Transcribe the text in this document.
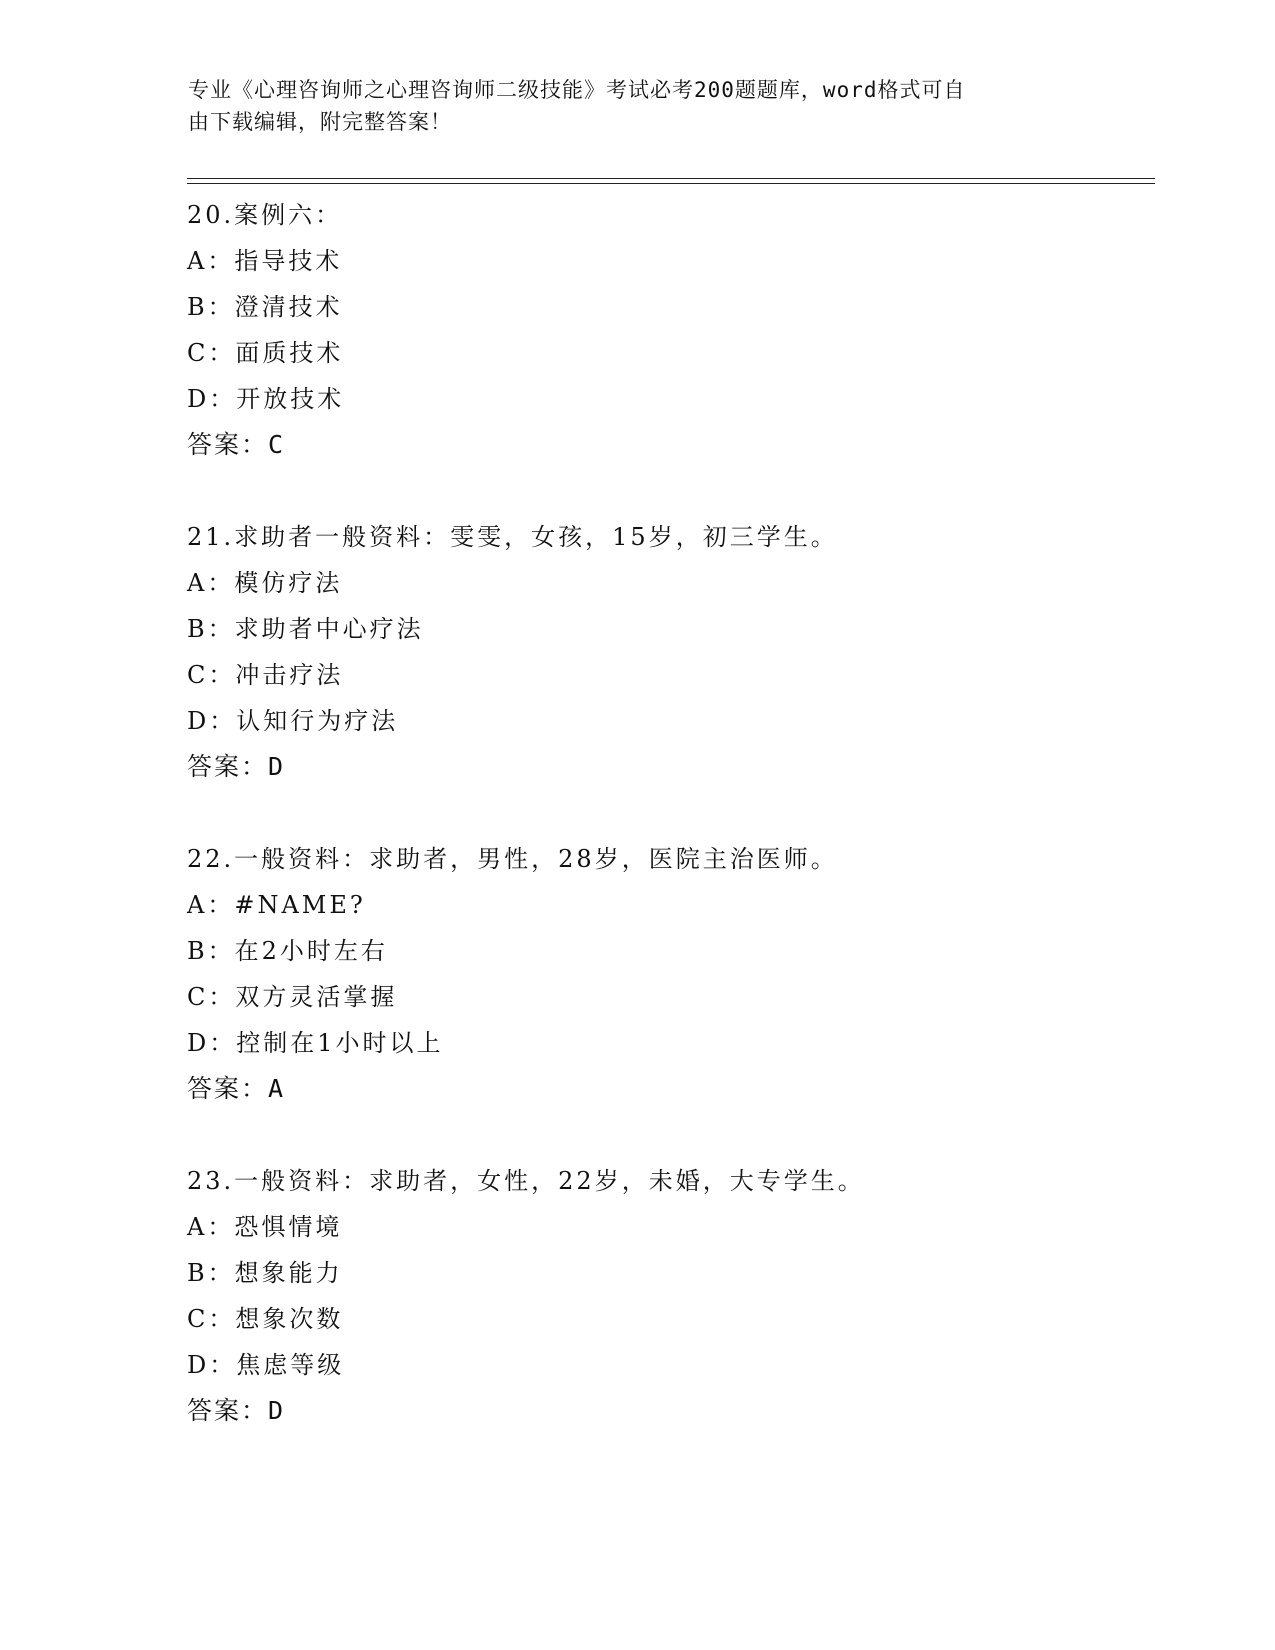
专业《心理咨询师之心理咨询师二级技能》考试必考200题题库，word格式可自
由下载编辑，附完整答案！
20.案例六：
A：指导技术
B：澄清技术
C：面质技术
D：开放技术
答案：C
21.求助者一般资料：雯雯，女孩，15岁，初三学生。
A：模仿疗法
B：求助者中心疗法
C：冲击疗法
D：认知行为疗法
答案：D
22.一般资料：求助者，男性，28岁，医院主治医师。
A：#NAME?
B：在2小时左右
C：双方灵活掌握
D：控制在1小时以上
答案：A
23.一般资料：求助者，女性，22岁，未婚，大专学生。
A：恐惧情境
B：想象能力
C：想象次数
D：焦虑等级
答案：D
